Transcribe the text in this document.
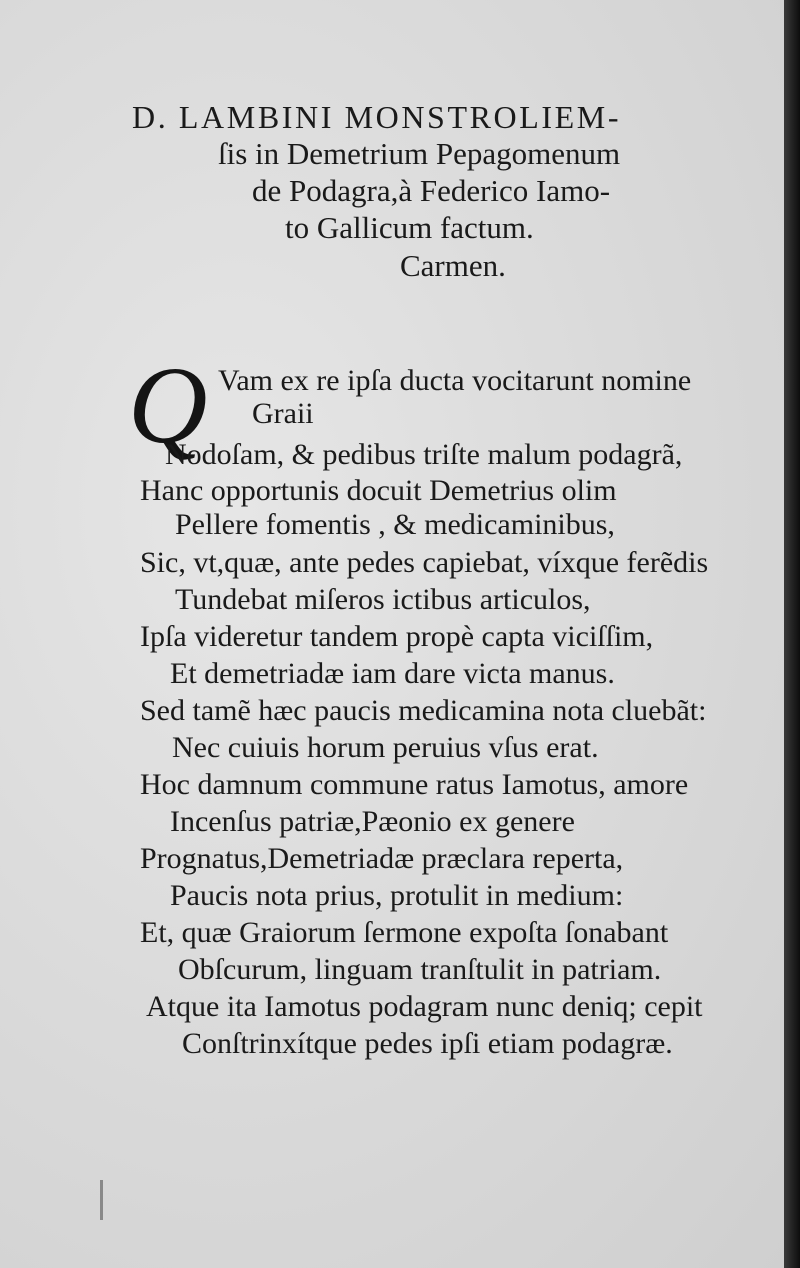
D. LAMBINI MONSTROLIEM-
ſis in Demetrium Pepagomenum
de Podagra,à Federico Iamo-
to Gallicum factum.
Carmen.
Q Vam ex re ipſa ducta vocitarunt nomine
Graii
Nodoſam, & pedibus triſte malum podagrã,
Hanc opportunis docuit Demetrius olim
Pellere fomentis , & medicaminibus,
Sic, vt,quæ, ante pedes capiebat, víxque ferẽdis
Tundebat miſeros ictibus articulos,
Ipſa videretur tandem propè capta viciſſim,
Et demetriadæ iam dare victa manus.
Sed tamẽ hæc paucis medicamina nota cluebãt:
Nec cuiuis horum peruius vſus erat.
Hoc damnum commune ratus Iamotus, amore
Incenſus patriæ,Pæonio ex genere
Prognatus,Demetriadæ præclara reperta,
Paucis nota prius, protulit in medium:
Et, quæ Graiorum ſermone expoſta ſonabant
Obſcurum, linguam tranſtulit in patriam.
Atque ita Iamotus podagram nunc deniq; cepit
Conſtrinxítque pedes ipſi etiam podagræ.
